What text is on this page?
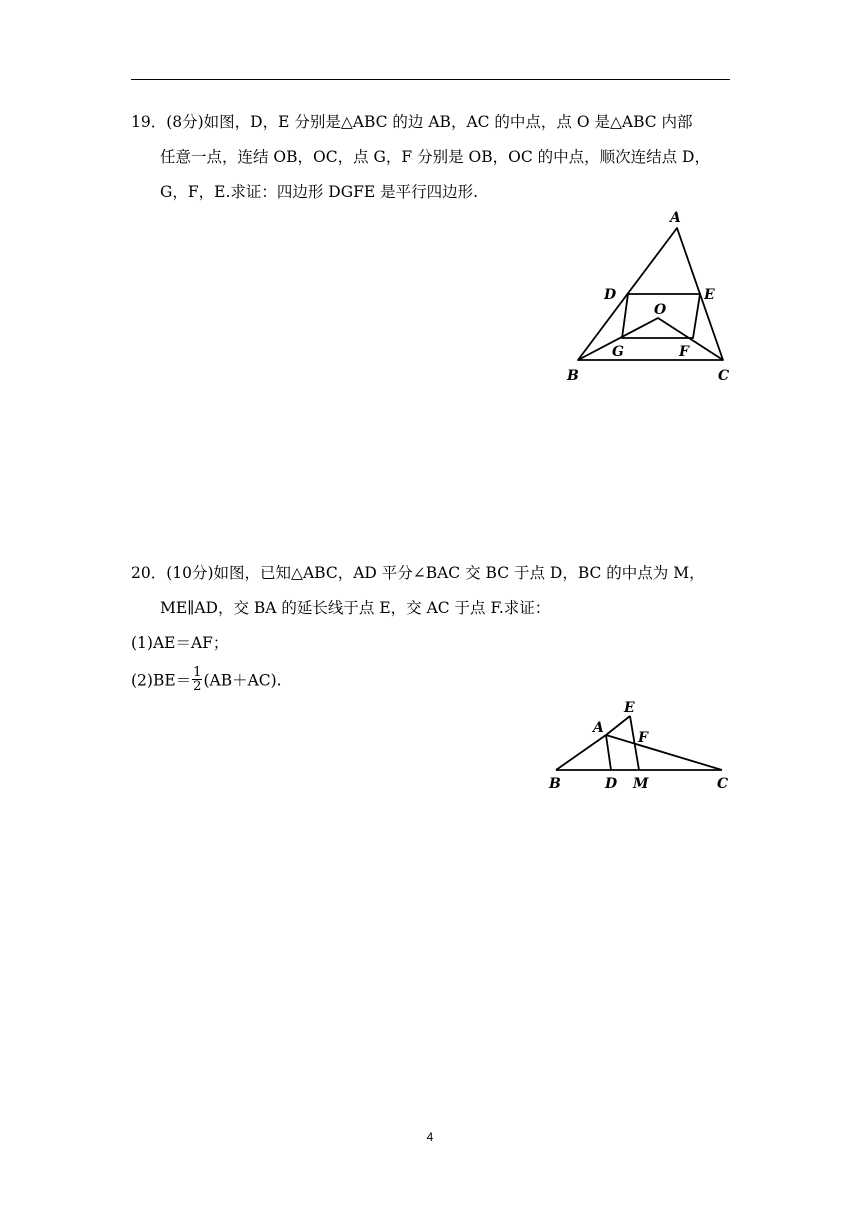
19．(8分)如图，D，E 分别是△ABC 的边 AB，AC 的中点，点 O 是△ABC 内部
任意一点，连结 OB，OC，点 G，F 分别是 OB，OC 的中点，顺次连结点 D，
G，F，E.求证：四边形 DGFE 是平行四边形.
A
D	E
O
G	F
B	C
20．(10分)如图，已知△ABC，AD 平分∠BAC 交 BC 于点 D，BC 的中点为 M，
ME∥AD，交 BA 的延长线于点 E，交 AC 于点 F.求证：
(1)AE＝AF；
$(2)BE= \frac{1}{2} (AB+AC)$.
E
A
F
B	D M	C
4
